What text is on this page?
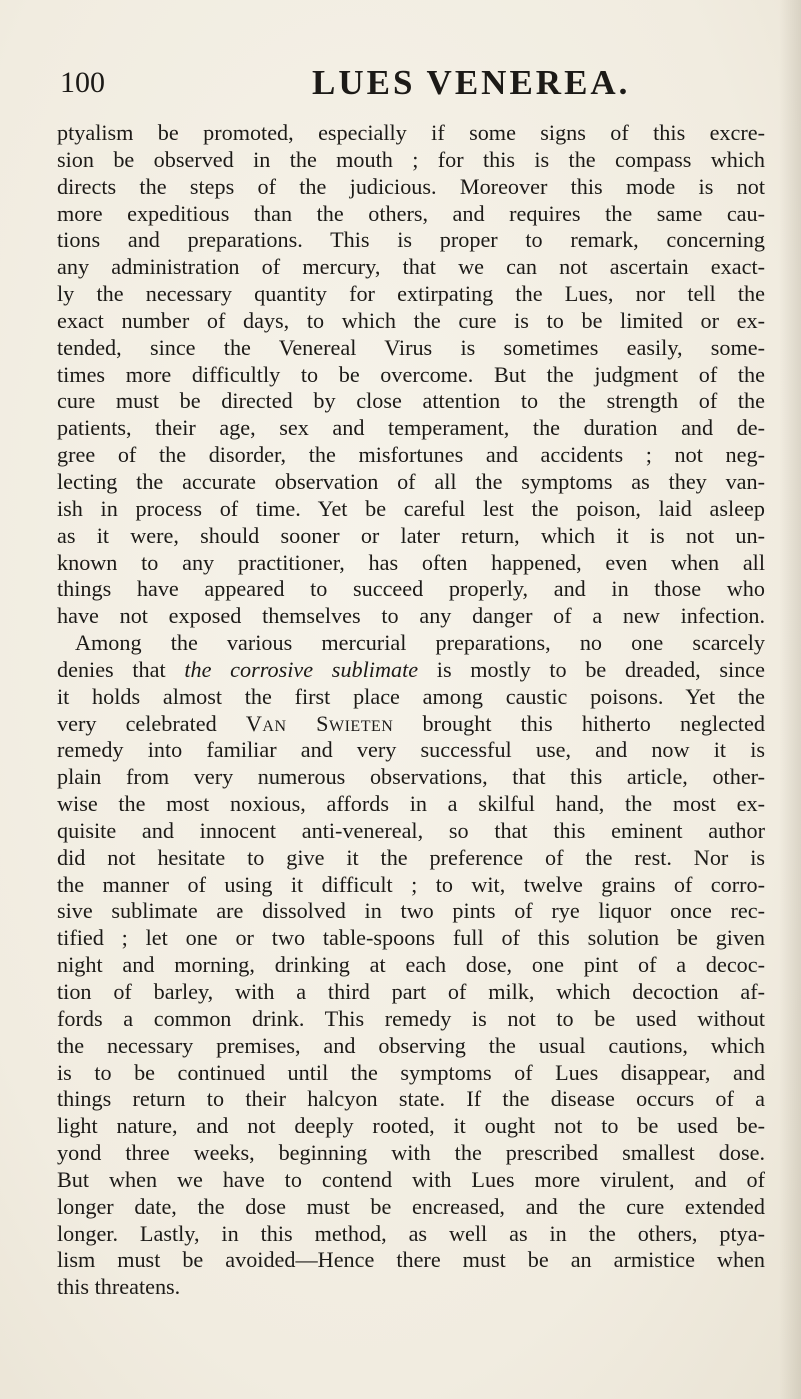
100	LUES VENEREA.
ptyalism be promoted, especially if some signs of this excre-
sion be observed in the mouth ; for this is the compass which
directs the steps of the judicious. Moreover this mode is not
more expeditious than the others, and requires the same cau-
tions and preparations. This is proper to remark, concerning
any administration of mercury, that we can not ascertain exact-
ly the necessary quantity for extirpating the Lues, nor tell the
exact number of days, to which the cure is to be limited or ex-
tended, since the Venereal Virus is sometimes easily, some-
times more difficultly to be overcome. But the judgment of the
cure must be directed by close attention to the strength of the
patients, their age, sex and temperament, the duration and de-
gree of the disorder, the misfortunes and accidents ; not neg-
lecting the accurate observation of all the symptoms as they van-
ish in process of time. Yet be careful lest the poison, laid asleep
as it were, should sooner or later return, which it is not un-
known to any practitioner, has often happened, even when all
things have appeared to succeed properly, and in those who
have not exposed themselves to any danger of a new infection.
Among the various mercurial preparations, no one scarcely
denies that the corrosive sublimate is mostly to be dreaded, since
it holds almost the first place among caustic poisons. Yet the
very celebrated Van Swieten brought this hitherto neglected
remedy into familiar and very successful use, and now it is
plain from very numerous observations, that this article, other-
wise the most noxious, affords in a skilful hand, the most ex-
quisite and innocent anti-venereal, so that this eminent author
did not hesitate to give it the preference of the rest. Nor is
the manner of using it difficult ; to wit, twelve grains of corro-
sive sublimate are dissolved in two pints of rye liquor once rec-
tified ; let one or two table-spoons full of this solution be given
night and morning, drinking at each dose, one pint of a decoc-
tion of barley, with a third part of milk, which decoction af-
fords a common drink. This remedy is not to be used without
the necessary premises, and observing the usual cautions, which
is to be continued until the symptoms of Lues disappear, and
things return to their halcyon state. If the disease occurs of a
light nature, and not deeply rooted, it ought not to be used be-
yond three weeks, beginning with the prescribed smallest dose.
But when we have to contend with Lues more virulent, and of
longer date, the dose must be encreased, and the cure extended
longer. Lastly, in this method, as well as in the others, ptya-
lism must be avoided—Hence there must be an armistice when
this threatens.
